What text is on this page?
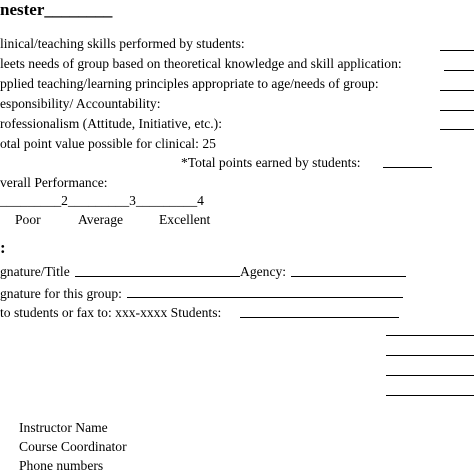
nester________
linical/teaching skills performed by students:
leets needs of group based on theoretical knowledge and skill application:
pplied teaching/learning principles appropriate to age/needs of group:
esponsibility/ Accountability:
rofessionalism (Attitude, Initiative, etc.):
otal point value possible for clinical: 25
*Total points earned by students:
verall Performance:
_________2_________3_________4
Poor	Average	Excellent
:
gnature/Title	Agency:
gnature for this group:
to students or fax to: xxx-xxxx Students:
Instructor Name
Course Coordinator
Phone numbers
